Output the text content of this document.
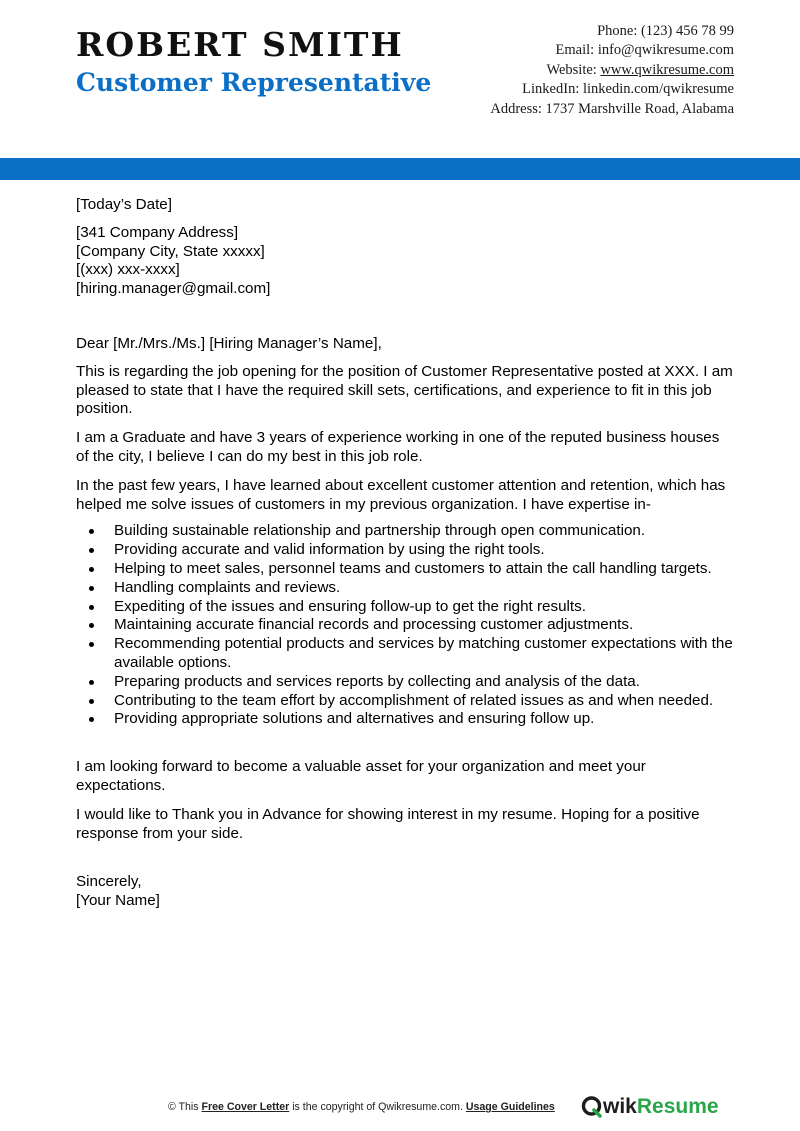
ROBERT SMITH
Customer Representative
Phone: (123) 456 78 99
Email: info@qwikresume.com
Website: www.qwikresume.com
LinkedIn: linkedin.com/qwikresume
Address: 1737 Marshville Road, Alabama

[Today’s Date]

[341 Company Address]

[Company City, State xxxxx]

[(xxx) xxx-xxxx]

[hiring.manager@gmail.com]

Dear [Mr./Mrs./Ms.] [Hiring Manager’s Name],

This is regarding the job opening for the position of Customer Representative posted at XXX. I am pleased to state that I have the required skill sets, certifications, and experience to fit in this job position.

I am a Graduate and have 3 years of experience working in one of the reputed business houses of the city, I believe I can do my best in this job role.

In the past few years, I have learned about excellent customer attention and retention, which has helped me solve issues of customers in my previous organization. I have expertise in-

Building sustainable relationship and partnership through open communication.
Providing accurate and valid information by using the right tools.
Helping to meet sales, personnel teams and customers to attain the call handling targets.
Handling complaints and reviews.
Expediting of the issues and ensuring follow-up to get the right results.
Maintaining accurate financial records and processing customer adjustments.
Recommending potential products and services by matching customer expectations with the available options.
Preparing products and services reports by collecting and analysis of the data.
Contributing to the team effort by accomplishment of related issues as and when needed.
Providing appropriate solutions and alternatives and ensuring follow up.

I am looking forward to become a valuable asset for your organization and meet your expectations.

I would like to Thank you in Advance for showing interest in my resume. Hoping for a positive response from your side.

Sincerely,

[Your Name]

© This Free Cover Letter is the copyright of Qwikresume.com. Usage Guidelines	wikResume
